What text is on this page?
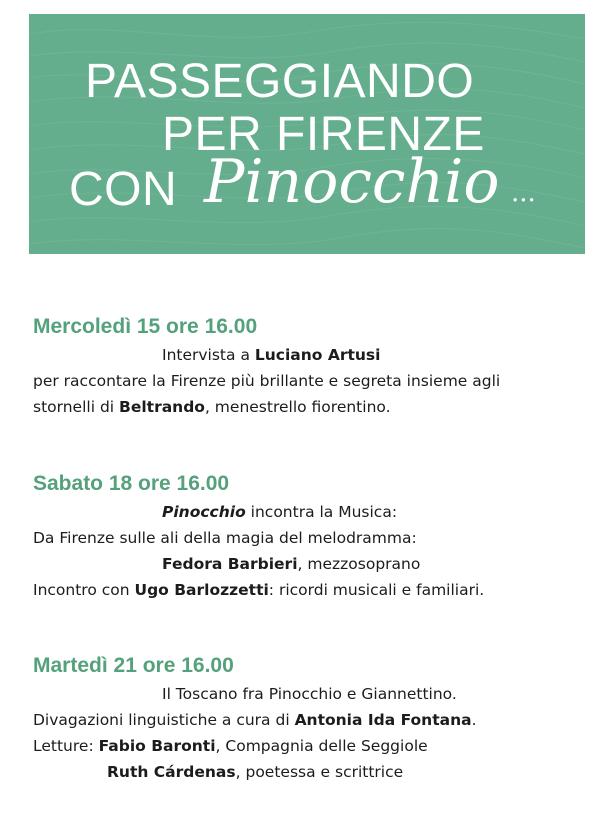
PASSEGGIANDO
PER FIRENZE
CON Pinocchio ...
Mercoledì 15 ore 16.00
Intervista a Luciano Artusi
per raccontare la Firenze più brillante e segreta insieme agli
stornelli di Beltrando, menestrello fiorentino.
Sabato 18 ore 16.00
Pinocchio incontra la Musica:
Da Firenze sulle ali della magia del melodramma:
Fedora Barbieri, mezzosoprano
Incontro con Ugo Barlozzetti: ricordi musicali e familiari.
Martedì 21 ore 16.00
Il Toscano fra Pinocchio e Giannettino.
Divagazioni linguistiche a cura di Antonia Ida Fontana.
Letture: Fabio Baronti, Compagnia delle Seggiole
Ruth Cárdenas, poetessa e scrittrice
